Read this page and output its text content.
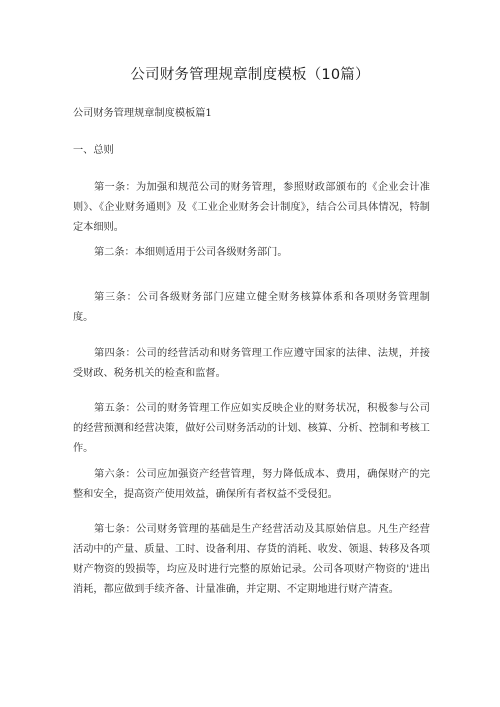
公司财务管理规章制度模板（10篇）

公司财务管理规章制度模板篇1

一、总则

第一条：为加强和规范公司的财务管理，参照财政部颁布的《企业会计准则》、《企业财务通则》及《工业企业财务会计制度》，结合公司具体情况，特制定本细则。

第二条：本细则适用于公司各级财务部门。

第三条：公司各级财务部门应建立健全财务核算体系和各项财务管理制度。

第四条：公司的经营活动和财务管理工作应遵守国家的法律、法规，并接受财政、税务机关的检查和监督。

第五条：公司的财务管理工作应如实反映企业的财务状况，积极参与公司的经营预测和经营决策，做好公司财务活动的计划、核算、分析、控制和考核工作。

第六条：公司应加强资产经营管理，努力降低成本、费用，确保财产的完整和安全，提高资产使用效益，确保所有者权益不受侵犯。

第七条：公司财务管理的基础是生产经营活动及其原始信息。凡生产经营活动中的产量、质量、工时、设备利用、存货的消耗、收发、领退、转移及各项财产物资的毁损等，均应及时进行完整的原始记录。公司各项财产物资的'进出消耗，都应做到手续齐备、计量准确，并定期、不定期地进行财产清查。
